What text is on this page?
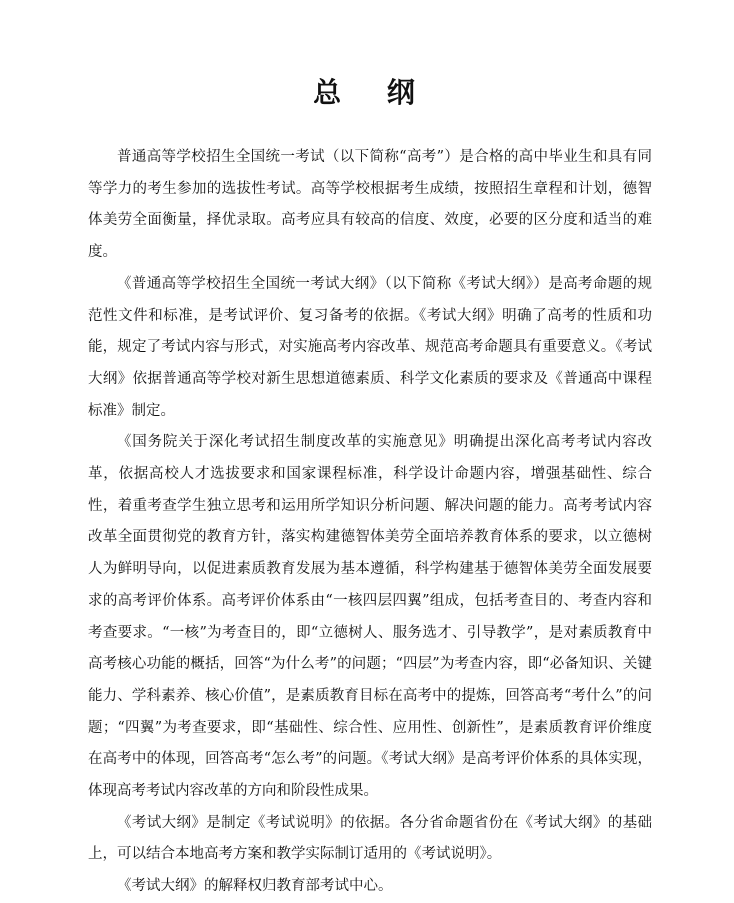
总 纲

普通高等学校招生全国统一考试（以下简称“高考”）是合格的高中毕业生和具有同等学力的考生参加的选拔性考试。高等学校根据考生成绩，按照招生章程和计划，德智体美劳全面衡量，择优录取。高考应具有较高的信度、效度，必要的区分度和适当的难度。

《普通高等学校招生全国统一考试大纲》（以下简称《考试大纲》）是高考命题的规范性文件和标准，是考试评价、复习备考的依据。《考试大纲》明确了高考的性质和功能，规定了考试内容与形式，对实施高考内容改革、规范高考命题具有重要意义。《考试大纲》依据普通高等学校对新生思想道德素质、科学文化素质的要求及《普通高中课程标准》制定。

《国务院关于深化考试招生制度改革的实施意见》明确提出深化高考考试内容改革，依据高校人才选拔要求和国家课程标准，科学设计命题内容，增强基础性、综合性，着重考查学生独立思考和运用所学知识分析问题、解决问题的能力。高考考试内容改革全面贯彻党的教育方针，落实构建德智体美劳全面培养教育体系的要求，以立德树人为鲜明导向，以促进素质教育发展为基本遵循，科学构建基于德智体美劳全面发展要求的高考评价体系。高考评价体系由“一核四层四翼”组成，包括考查目的、考查内容和考查要求。“一核”为考查目的，即“立德树人、服务选才、引导教学”，是对素质教育中高考核心功能的概括，回答“为什么考”的问题；“四层”为考查内容，即“必备知识、关键能力、学科素养、核心价值”，是素质教育目标在高考中的提炼，回答高考“考什么”的问题；“四翼”为考查要求，即“基础性、综合性、应用性、创新性”，是素质教育评价维度在高考中的体现，回答高考“怎么考”的问题。《考试大纲》是高考评价体系的具体实现，体现高考考试内容改革的方向和阶段性成果。

《考试大纲》是制定《考试说明》的依据。各分省命题省份在《考试大纲》的基础上，可以结合本地高考方案和教学实际制订适用的《考试说明》。

《考试大纲》的解释权归教育部考试中心。
